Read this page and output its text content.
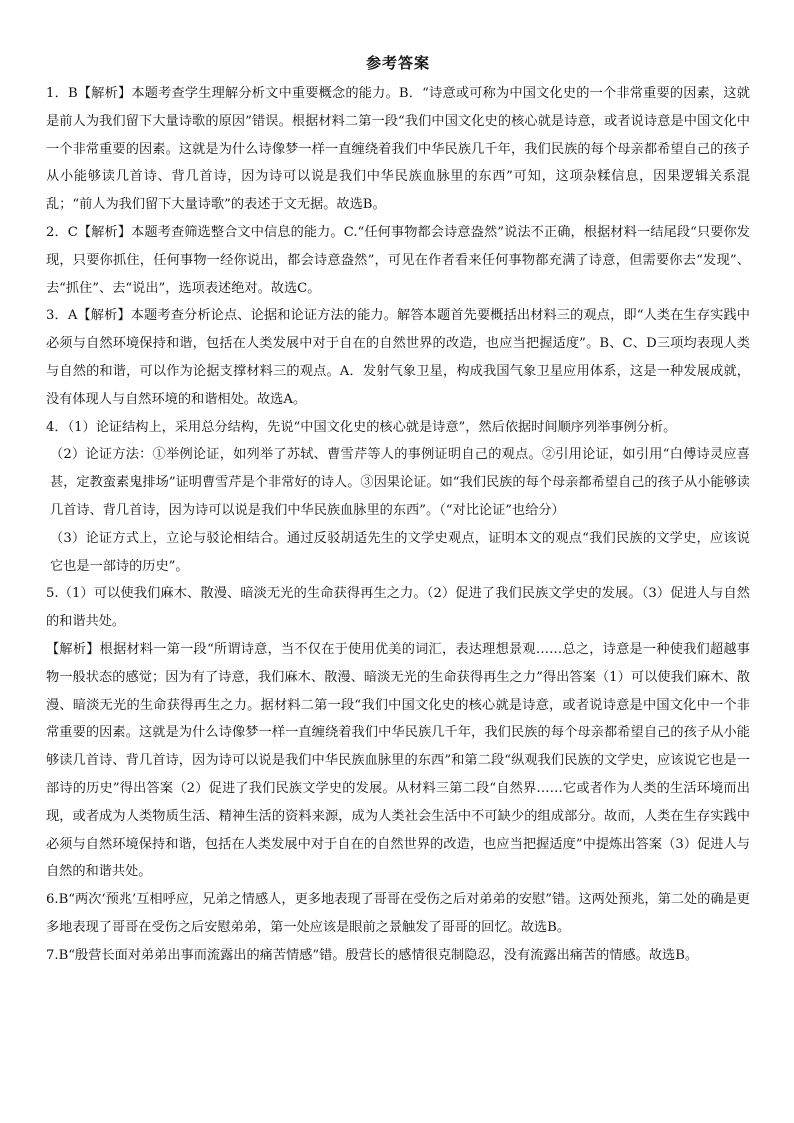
参考答案

1．B【解析】本题考查学生理解分析文中重要概念的能力。B．“诗意或可称为中国文化史的一个非常重要的因素，这就是前人为我们留下大量诗歌的原因”错误。根据材料二第一段“我们中国文化史的核心就是诗意，或者说诗意是中国文化中一个非常重要的因素。这就是为什么诗像梦一样一直缠绕着我们中华民族几千年，我们民族的每个母亲都希望自己的孩子从小能够读几首诗、背几首诗，因为诗可以说是我们中华民族血脉里的东西”可知，这项杂糅信息，因果逻辑关系混乱；“前人为我们留下大量诗歌”的表述于文无据。故选B。

2．C【解析】本题考查筛选整合文中信息的能力。C.“任何事物都会诗意盎然”说法不正确，根据材料一结尾段“只要你发现，只要你抓住，任何事物一经你说出，都会诗意盎然”，可见在作者看来任何事物都充满了诗意，但需要你去“发现”、去“抓住”、去“说出”，选项表述绝对。故选C。

3．A【解析】本题考查分析论点、论据和论证方法的能力。解答本题首先要概括出材料三的观点，即“人类在生存实践中必须与自然环境保持和谐，包括在人类发展中对于自在的自然世界的改造，也应当把握适度”。B、C、D三项均表现人类与自然的和谐，可以作为论据支撑材料三的观点。A．发射气象卫星，构成我国气象卫星应用体系，这是一种发展成就，没有体现人与自然环境的和谐相处。故选A。

4．（1）论证结构上，采用总分结构，先说“中国文化史的核心就是诗意”，然后依据时间顺序列举事例分析。

（2）论证方法：①举例论证，如列举了苏轼、曹雪芹等人的事例证明自己的观点。②引用论证，如引用“白傅诗灵应喜甚，定教蛮素鬼排场”证明曹雪芹是个非常好的诗人。③因果论证。如“我们民族的每个母亲都希望自己的孩子从小能够读几首诗、背几首诗，因为诗可以说是我们中华民族血脉里的东西”。（“对比论证”也给分）

（3）论证方式上，立论与驳论相结合。通过反驳胡适先生的文学史观点，证明本文的观点“我们民族的文学史，应该说它也是一部诗的历史”。

5.（1）可以使我们麻木、散漫、暗淡无光的生命获得再生之力。（2）促进了我们民族文学史的发展。（3）促进人与自然的和谐共处。

【解析】根据材料一第一段“所谓诗意，当不仅在于使用优美的词汇，表达理想景观……总之，诗意是一种使我们超越事物一般状态的感觉；因为有了诗意，我们麻木、散漫、暗淡无光的生命获得再生之力”得出答案（1）可以使我们麻木、散漫、暗淡无光的生命获得再生之力。据材料二第一段“我们中国文化史的核心就是诗意，或者说诗意是中国文化中一个非常重要的因素。这就是为什么诗像梦一样一直缠绕着我们中华民族几千年，我们民族的每个母亲都希望自己的孩子从小能够读几首诗、背几首诗，因为诗可以说是我们中华民族血脉里的东西”和第二段“纵观我们民族的文学史，应该说它也是一部诗的历史”得出答案（2）促进了我们民族文学史的发展。从材料三第二段“自然界……它或者作为人类的生活环境而出现，或者成为人类物质生活、精神生活的资料来源，成为人类社会生活中不可缺少的组成部分。故而，人类在生存实践中必须与自然环境保持和谐，包括在人类发展中对于自在的自然世界的改造，也应当把握适度”中提炼出答案（3）促进人与自然的和谐共处。

6.B“两次‘预兆’互相呼应，兄弟之情感人，更多地表现了哥哥在受伤之后对弟弟的安慰”错。这两处预兆，第二处的确是更多地表现了哥哥在受伤之后安慰弟弟，第一处应该是眼前之景触发了哥哥的回忆。故选B。

7.B“殷营长面对弟弟出事而流露出的痛苦情感”错。殷营长的感情很克制隐忍，没有流露出痛苦的情感。故选B。
